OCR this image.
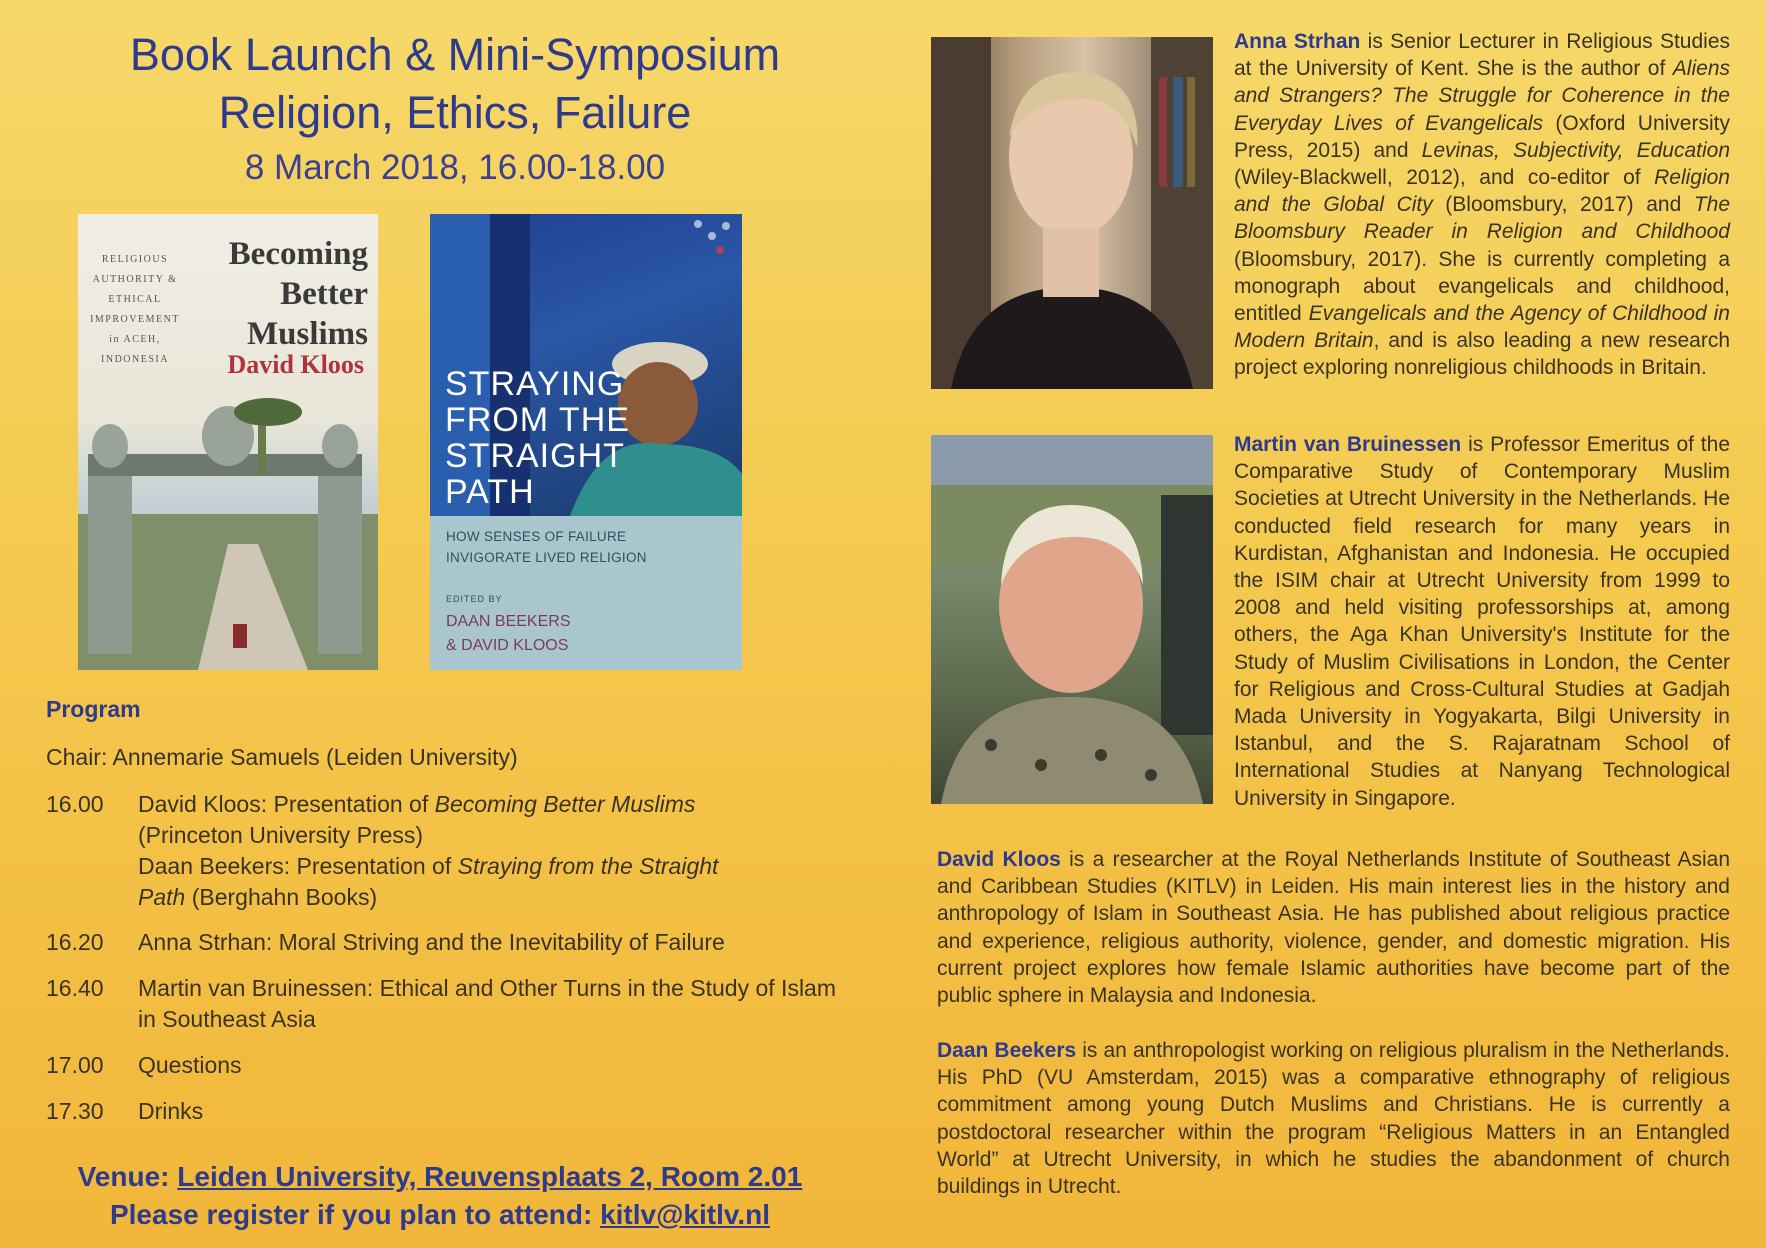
Book Launch & Mini-Symposium
Religion, Ethics, Failure
8 March 2018, 16.00-18.00
RELIGIOUS AUTHORITY & ETHICAL IMPROVEMENT in ACEH, INDONESIA
Becoming Better Muslims
David Kloos
STRAYING FROM THE STRAIGHT PATH
HOW SENSES OF FAILURE INVIGORATE LIVED RELIGION
EDITED BY
DAAN BEEKERS
& DAVID KLOOS
Program
Chair: Annemarie Samuels (Leiden University)
16.00	David Kloos: Presentation of Becoming Better Muslims
(Princeton University Press)
Daan Beekers: Presentation of Straying from the Straight
Path (Berghahn Books)
16.20	Anna Strhan: Moral Striving and the Inevitability of Failure
16.40	Martin van Bruinessen: Ethical and Other Turns in the Study of Islam in Southeast Asia
17.00	Questions
17.30	Drinks
Venue: Leiden University, Reuvensplaats 2, Room 2.01
Please register if you plan to attend: kitlv@kitlv.nl
Anna Strhan is Senior Lecturer in Religious Studies at the University of Kent. She is the author of Aliens and Strangers? The Struggle for Coherence in the Everyday Lives of Evangelicals (Oxford University Press, 2015) and Levinas, Subjectivity, Education (Wiley-Blackwell, 2012), and co-editor of Religion and the Global City (Bloomsbury, 2017) and The Bloomsbury Reader in Religion and Childhood (Bloomsbury, 2017). She is currently completing a monograph about evangelicals and childhood, entitled Evangelicals and the Agency of Childhood in Modern Britain, and is also leading a new research project exploring nonreligious childhoods in Britain.
Martin van Bruinessen is Professor Emeritus of the Comparative Study of Contemporary Muslim Societies at Utrecht University in the Netherlands. He conducted field research for many years in Kurdistan, Afghanistan and Indonesia. He occupied the ISIM chair at Utrecht University from 1999 to 2008 and held visiting professorships at, among others, the Aga Khan University's Institute for the Study of Muslim Civilisations in London, the Center for Religious and Cross-Cultural Studies at Gadjah Mada University in Yogyakarta, Bilgi University in Istanbul, and the S. Rajaratnam School of International Studies at Nanyang Technological University in Singapore.
David Kloos is a researcher at the Royal Netherlands Institute of Southeast Asian and Caribbean Studies (KITLV) in Leiden. His main interest lies in the history and anthropology of Islam in Southeast Asia. He has published about religious practice and experience, religious authority, violence, gender, and domestic migration. His current project explores how female Islamic authorities have become part of the public sphere in Malaysia and Indonesia.
Daan Beekers is an anthropologist working on religious pluralism in the Netherlands. His PhD (VU Amsterdam, 2015) was a comparative ethnography of religious commitment among young Dutch Muslims and Christians. He is currently a postdoctoral researcher within the program “Religious Matters in an Entangled World” at Utrecht University, in which he studies the abandonment of church buildings in Utrecht.
